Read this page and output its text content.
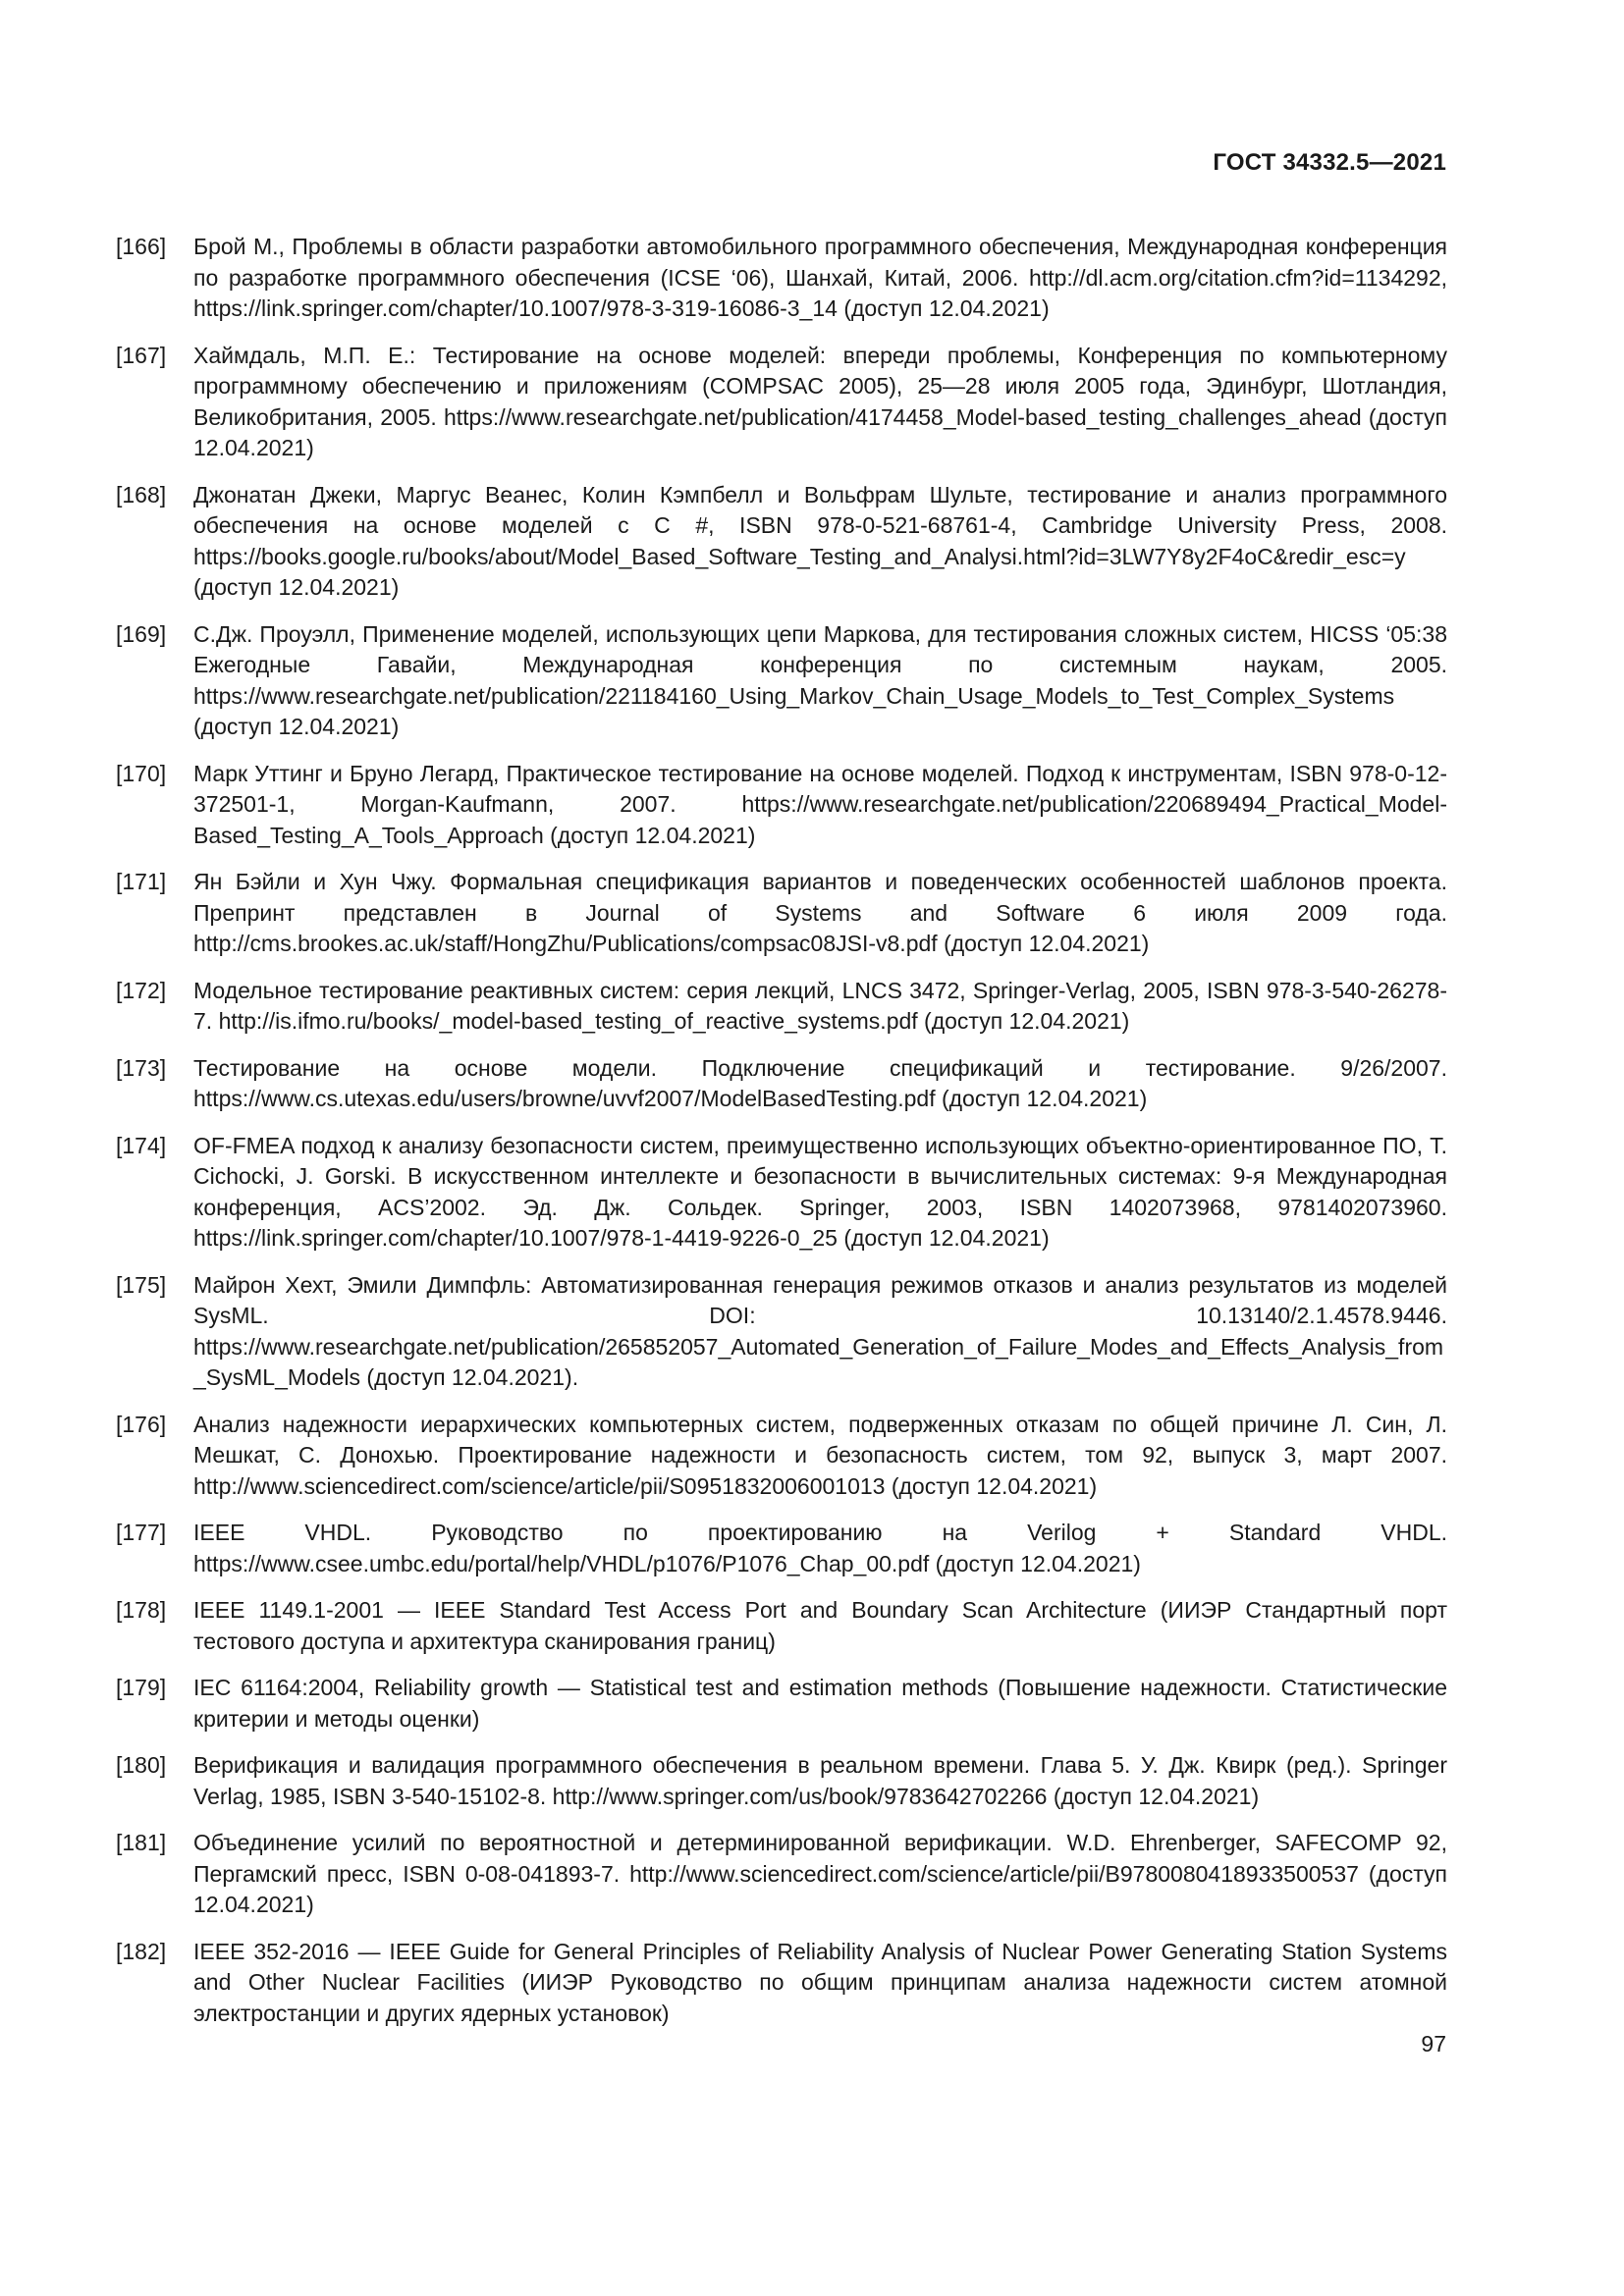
ГОСТ 34332.5—2021
[166]	Брой М., Проблемы в области разработки автомобильного программного обеспечения, Международная конференция по разработке программного обеспечения (ICSE ‘06), Шанхай, Китай, 2006. http://dl.acm.org/citation.cfm?id=1134292, https://link.springer.com/chapter/10.1007/978-3-319-16086-3_14 (доступ 12.04.2021)
[167]	Хаймдаль, М.П. Е.: Тестирование на основе моделей: впереди проблемы, Конференция по компьютерному программному обеспечению и приложениям (COMPSAC 2005), 25—28 июля 2005 года, Эдинбург, Шотландия, Великобритания, 2005. https://www.researchgate.net/publication/4174458_Model-based_testing_challenges_ahead (доступ 12.04.2021)
[168]	Джонатан Джеки, Маргус Веанес, Колин Кэмпбелл и Вольфрам Шульте, тестирование и анализ программного обеспечения на основе моделей с C #, ISBN 978-0-521-68761-4, Cambridge University Press, 2008. https://books.google.ru/books/about/Model_Based_Software_Testing_and_Analysi.html?id=3LW7Y8y2F4oC&redir_esc=y (доступ 12.04.2021)
[169]	С.Дж. Проуэлл, Применение моделей, использующих цепи Маркова, для тестирования сложных систем, HICSS ‘05:38 Ежегодные Гавайи, Международная конференция по системным наукам, 2005. https://www.researchgate.net/publication/221184160_Using_Markov_Chain_Usage_Models_to_Test_Complex_Systems (доступ 12.04.2021)
[170]	Марк Уттинг и Бруно Легард, Практическое тестирование на основе моделей. Подход к инструментам, ISBN 978-0-12-372501-1, Morgan-Kaufmann, 2007. https://www.researchgate.net/publication/220689494_Practical_Model-Based_Testing_A_Tools_Approach (доступ 12.04.2021)
[171]	Ян Бэйли и Хун Чжу. Формальная спецификация вариантов и поведенческих особенностей шаблонов проекта. Препринт представлен в Journal of Systems and Software 6 июля 2009 года. http://cms.brookes.ac.uk/staff/HongZhu/Publications/compsac08JSI-v8.pdf (доступ 12.04.2021)
[172]	Модельное тестирование реактивных систем: серия лекций, LNCS 3472, Springer-Verlag, 2005, ISBN 978-3-540-26278-7. http://is.ifmo.ru/books/_model-based_testing_of_reactive_systems.pdf (доступ 12.04.2021)
[173]	Тестирование на основе модели. Подключение спецификаций и тестирование. 9/26/2007. https://www.cs.utexas.edu/users/browne/uvvf2007/ModelBasedTesting.pdf (доступ 12.04.2021)
[174]	OF-FMEA подход к анализу безопасности систем, преимущественно использующих объектно-ориентированное ПО, T. Cichocki, J. Gorski. В искусственном интеллекте и безопасности в вычислительных системах: 9-я Международная конференция, ACS’2002. Эд. Дж. Сольдек. Springer, 2003, ISBN 1402073968, 9781402073960. https://link.springer.com/chapter/10.1007/978-1-4419-9226-0_25 (доступ 12.04.2021)
[175]	Майрон Хехт, Эмили Димпфль: Автоматизированная генерация режимов отказов и анализ результатов из моделей SysML. DOI: 10.13140/2.1.4578.9446. https://www.researchgate.net/publication/265852057_Automated_Generation_of_Failure_Modes_and_Effects_Analysis_from_SysML_Models (доступ 12.04.2021).
[176]	Анализ надежности иерархических компьютерных систем, подверженных отказам по общей причине Л. Син, Л. Мешкат, С. Донохью. Проектирование надежности и безопасность систем, том 92, выпуск 3, март 2007. http://www.sciencedirect.com/science/article/pii/S0951832006001013 (доступ 12.04.2021)
[177]	IEEE VHDL. Руководство по проектированию на Verilog + Standard VHDL. https://www.csee.umbc.edu/portal/help/VHDL/p1076/P1076_Chap_00.pdf (доступ 12.04.2021)
[178]	IEEE 1149.1-2001 — IEEE Standard Test Access Port and Boundary Scan Architecture (ИИЭР Стандартный порт тестового доступа и архитектура сканирования границ)
[179]	IEC 61164:2004, Reliability growth — Statistical test and estimation methods (Повышение надежности. Статистические критерии и методы оценки)
[180]	Верификация и валидация программного обеспечения в реальном времени. Глава 5. У. Дж. Квирк (ред.). Springer Verlag, 1985, ISBN 3-540-15102-8. http://www.springer.com/us/book/9783642702266 (доступ 12.04.2021)
[181]	Объединение усилий по вероятностной и детерминированной верификации. W.D. Ehrenberger, SAFECOMP 92, Пергамский пресс, ISBN 0-08-041893-7. http://www.sciencedirect.com/science/article/pii/B9780080418933500537 (доступ 12.04.2021)
[182]	IEEE 352-2016 — IEEE Guide for General Principles of Reliability Analysis of Nuclear Power Generating Station Systems and Other Nuclear Facilities (ИИЭР Руководство по общим принципам анализа надежности систем атомной электростанции и других ядерных установок)
97
